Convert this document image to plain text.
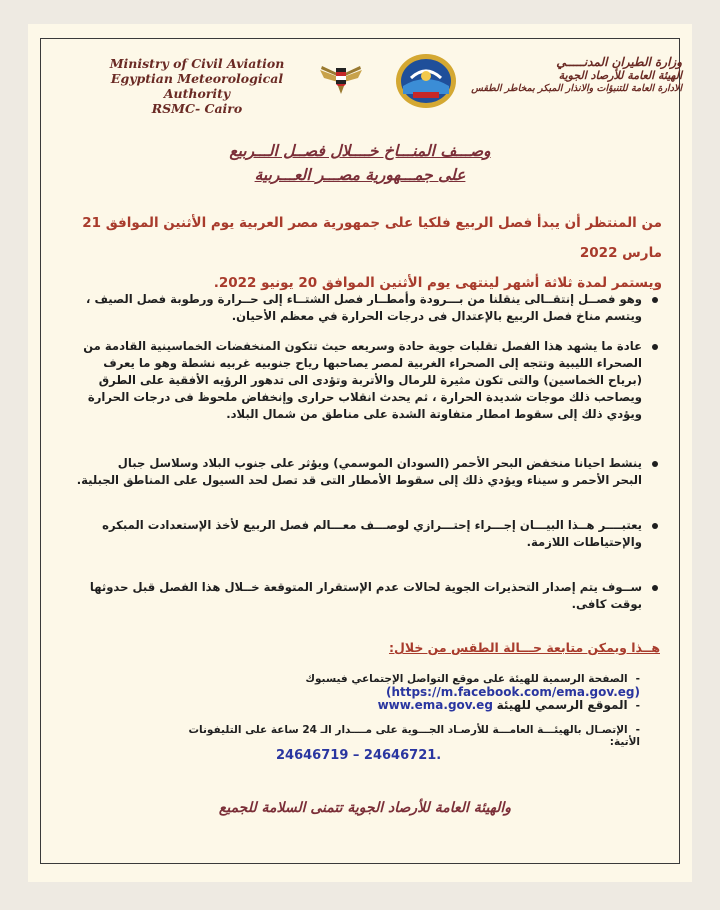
Ministry of Civil Aviation
Egyptian Meteorological Authority
RSMC- Cairo
وزارة الطيران المدنـــــي
الهيئة العامة للأرصاد الجوية
الادارة العامة للتنبؤات والانذار المبكر بمخاطر الطقس
وصـــف المنـــاخ خــــلال فصــل الـــربيع
على جمـــهورية مصـــر العـــربية
من المنتظر أن يبدأ فصل الربيع فلكيا على جمهورية مصر العربية يوم الأثنين الموافق 21 مارس 2022
ويستمر لمدة ثلاثة أشهر لينتهى يوم الأثنين الموافق 20 يونيو 2022.
وهو فصــل إنتقــالى ينقلنا من بـــرودة وأمطــار فصل الشتــاء إلى حــرارة ورطوبة فصل الصيف ،
ويتسم مناخ فصل الربيع بالإعتدال فى درجات الحرارة في معظم الأحيان.
عادة ما يشهد هذا الفصل تقلبات جوية حادة وسريعه حيث تتكون المنخفضات الخماسينية القادمة من
الصحراء الليبية وتتجه إلى الصحراء الغربية لمصر يصاحبها رياح جنوبيه غربيه نشطة وهو ما يعرف
(برياح الخماسين) والتى تكون مثيرة للرمال والأتربة وتؤدى الى تدهور الرؤيه الأفقية على الطرق
ويصاحب ذلك موجات شديدة الحرارة ، ثم يحدث انقلاب حرارى وإنخفاض ملحوظ فى درجات الحرارة
ويؤدي ذلك إلى سقوط امطار متفاوتة الشدة على مناطق من شمال البلاد.
ينشط احيانا منخفض البحر الأحمر (السودان الموسمي) ويؤثر على جنوب البلاد وسلاسل جبال
البحر الأحمر و سيناء ويؤدي ذلك إلى سقوط الأمطار التى قد تصل لحد السيول على المناطق الجبلية.
يعتبــــر هــذا البيـــان إجـــراء إحتـــرازي لوصـــف معـــالم فصل الربيع لأخذ الإستعدادت المبكره
والإحتياطات اللازمة.
ســوف يتم إصدار التحذيرات الجوية لحالات عدم الإستقرار المتوقعة خــلال هذا الفصل قبل حدوثها
بوقت كافى.
هــذا ويمكن متابعة حـــالة الطقس من خلال:
-الصفحة الرسمية للهيئة على موقع التواصل الإجتماعي فيسبوك (https://m.facebook.com/ema.gov.eg)
-الموقع الرسمي للهيئة www.ema.gov.eg
-الإتصـال بالهيئـــة العامـــة للأرصـاد الجـــوية على مــــدار الـ 24 ساعة على التليفونات الأتية:
24646719 – 24646721.
والهيئة العامة للأرصاد الجوية تتمنى السلامة للجميع
